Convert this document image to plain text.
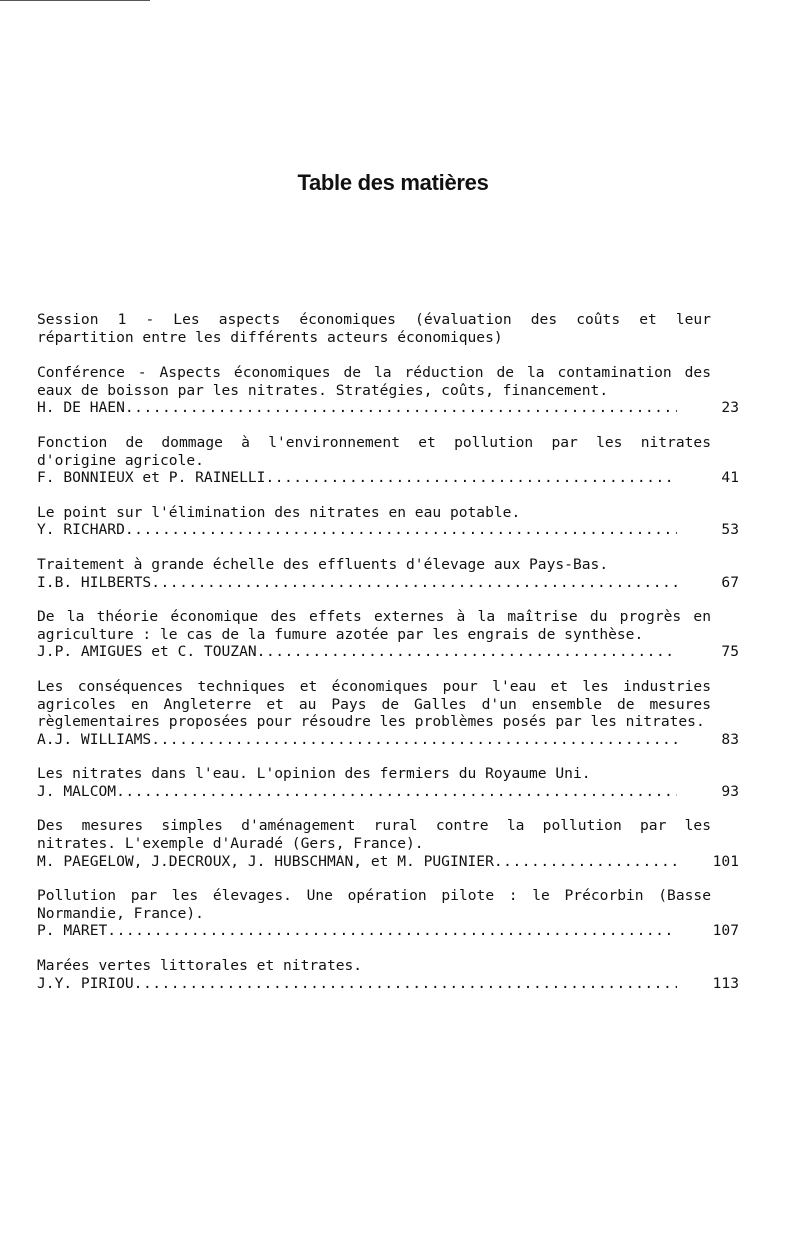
Table des matières

Session 1 - Les aspects économiques (évaluation des coûts et leur répartition entre les différents acteurs économiques)

Conférence - Aspects économiques de la réduction de la contamination des eaux de boisson par les nitrates. Stratégies, coûts, financement.

H. DE HAEN .....	23

Fonction de dommage à l'environnement et pollution par les nitrates d'origine agricole.

F. BONNIEUX et P. RAINELLI .....	41

Le point sur l'élimination des nitrates en eau potable.

Y. RICHARD .....	53

Traitement à grande échelle des effluents d'élevage aux Pays-Bas.

I.B. HILBERTS .....	67

De la théorie économique des effets externes à la maîtrise du progrès en agriculture : le cas de la fumure azotée par les engrais de synthèse.

J.P. AMIGUES et C. TOUZAN .....	75

Les conséquences techniques et économiques pour l'eau et les industries agricoles en Angleterre et au Pays de Galles d'un ensemble de mesures règlementaires proposées pour résoudre les problèmes posés par les nitrates.

A.J. WILLIAMS .....	83

Les nitrates dans l'eau. L'opinion des fermiers du Royaume Uni.

J. MALCOM .....	93

Des mesures simples d'aménagement rural contre la pollution par les nitrates. L'exemple d'Auradé (Gers, France).

M. PAEGELOW, J.DECROUX, J. HUBSCHMAN, et M. PUGINIER .....	101

Pollution par les élevages. Une opération pilote : le Précorbin (Basse Normandie, France).

P. MARET .....	107

Marées vertes littorales et nitrates.

J.Y. PIRIOU .....	113
